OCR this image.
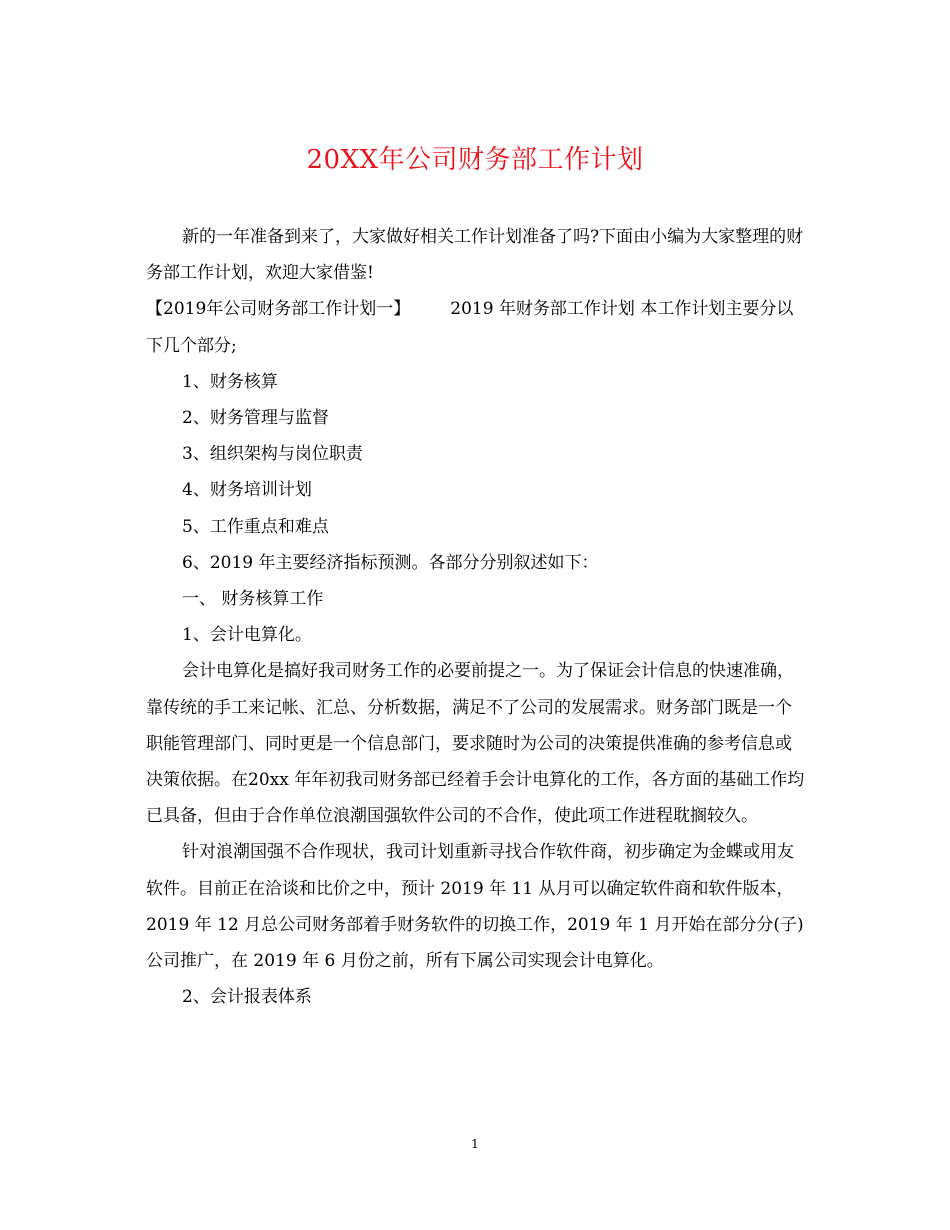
20XX年公司财务部工作计划

新的一年准备到来了，大家做好相关工作计划准备了吗?下面由小编为大家整理的财务部工作计划，欢迎大家借鉴!

【2019年公司财务部工作计划一】 2019 年财务部工作计划 本工作计划主要分以下几个部分;

1、财务核算

2、财务管理与监督

3、组织架构与岗位职责

4、财务培训计划

5、工作重点和难点

6、2019 年主要经济指标预测。各部分分别叙述如下：

一、 财务核算工作

1、会计电算化。

会计电算化是搞好我司财务工作的必要前提之一。为了保证会计信息的快速准确，靠传统的手工来记帐、汇总、分析数据，满足不了公司的发展需求。财务部门既是一个职能管理部门、同时更是一个信息部门，要求随时为公司的决策提供准确的参考信息或决策依据。在20xx 年年初我司财务部已经着手会计电算化的工作，各方面的基础工作均已具备，但由于合作单位浪潮国强软件公司的不合作，使此项工作进程耽搁较久。

针对浪潮国强不合作现状，我司计划重新寻找合作软件商，初步确定为金蝶或用友软件。目前正在洽谈和比价之中，预计 2019 年 11 从月可以确定软件商和软件版本， 2019 年 12 月总公司财务部着手财务软件的切换工作，2019 年 1 月开始在部分分(子)公司推广，在 2019 年 6 月份之前，所有下属公司实现会计电算化。

2、会计报表体系

1
